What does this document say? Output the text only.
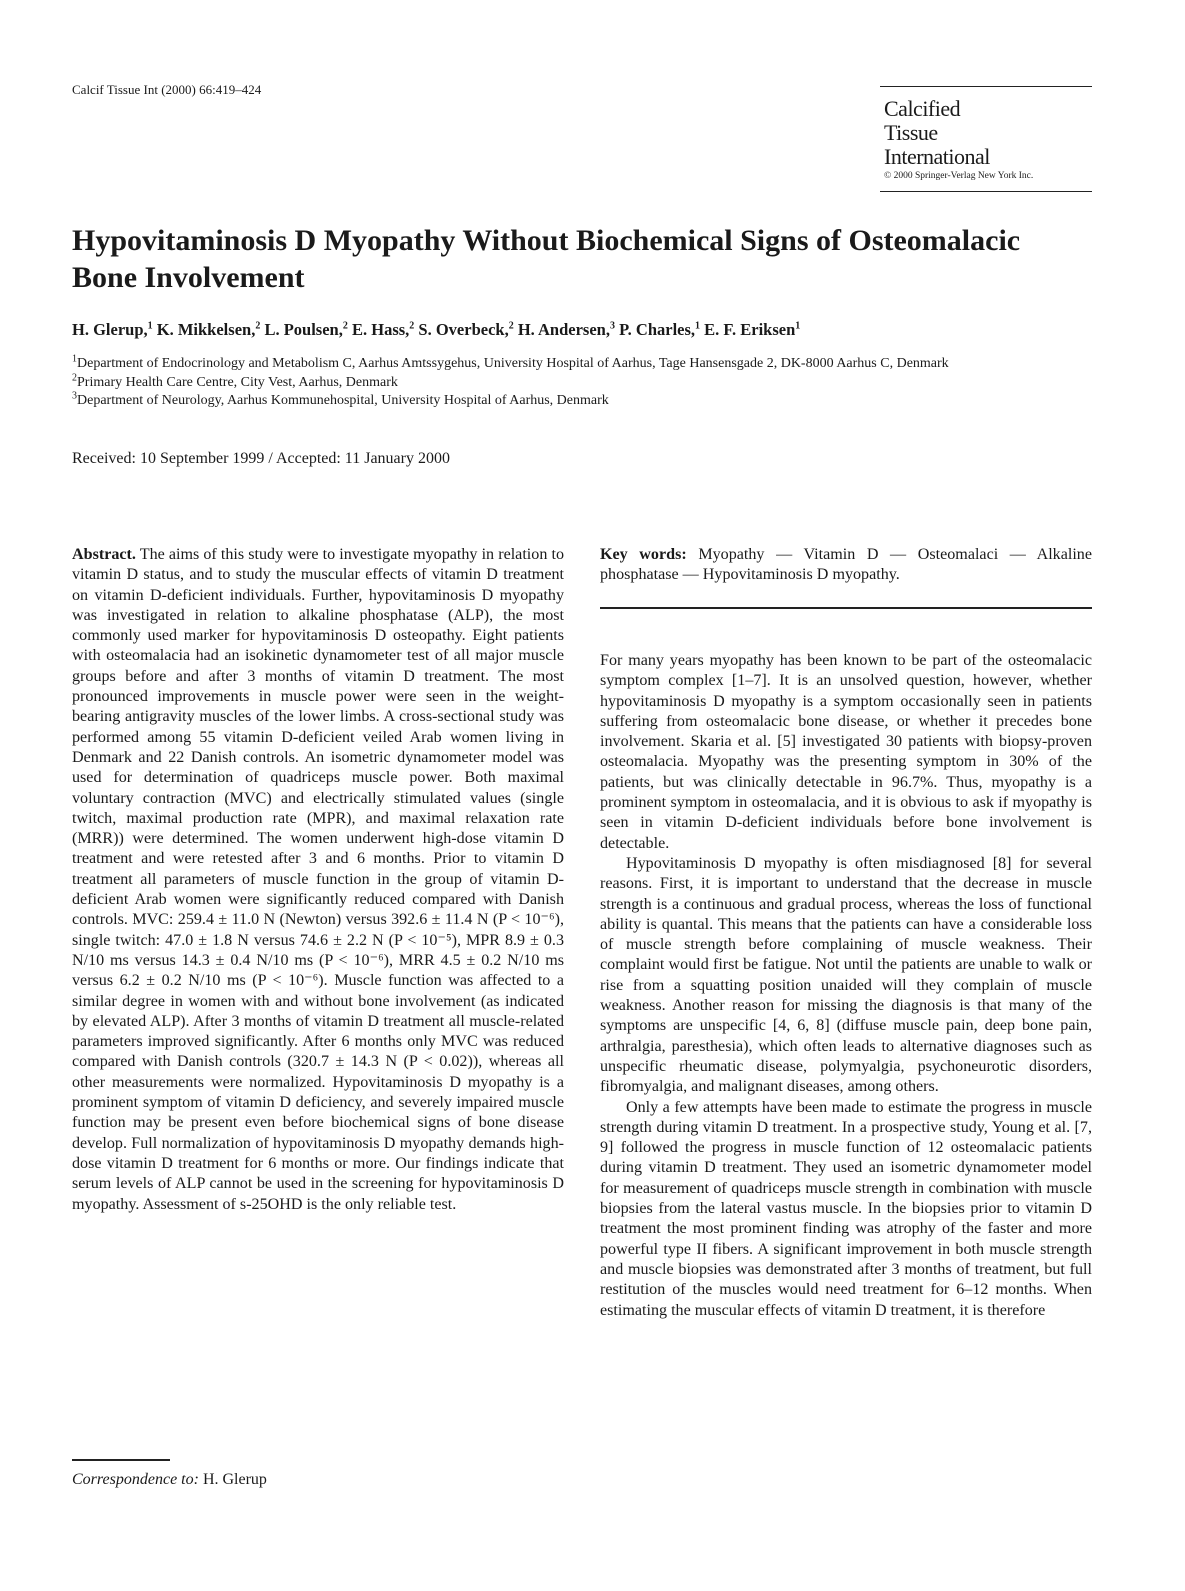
Calcif Tissue Int (2000) 66:419–424
Calcified
Tissue
International
© 2000 Springer-Verlag New York Inc.
Hypovitaminosis D Myopathy Without Biochemical Signs of Osteomalacic Bone Involvement
H. Glerup,$^1$ K. Mikkelsen,$^2$ L. Poulsen,$^2$ E. Hass,$^2$ S. Overbeck,$^2$ H. Andersen,$^3$ P. Charles,$^1$ E. F. Eriksen$^1$

$^1$Department of Endocrinology and Metabolism C, Aarhus Amtssygehus, University Hospital of Aarhus, Tage Hansensgade 2, DK-8000 Aarhus C, Denmark

$^2$Primary Health Care Centre, City Vest, Aarhus, Denmark

$^3$Department of Neurology, Aarhus Kommunehospital, University Hospital of Aarhus, Denmark

Received: 10 September 1999 / Accepted: 11 January 2000

Abstract. The aims of this study were to investigate myopathy in relation to vitamin D status, and to study the muscular effects of vitamin D treatment on vitamin D-deficient individuals. Further, hypovitaminosis D myopathy was investigated in relation to alkaline phosphatase (ALP), the most commonly used marker for hypovitaminosis D osteopathy. Eight patients with osteomalacia had an isokinetic dynamometer test of all major muscle groups before and after 3 months of vitamin D treatment. The most pronounced improvements in muscle power were seen in the weight-bearing antigravity muscles of the lower limbs. A cross-sectional study was performed among 55 vitamin D-deficient veiled Arab women living in Denmark and 22 Danish controls. An isometric dynamometer model was used for determination of quadriceps muscle power. Both maximal voluntary contraction (MVC) and electrically stimulated values (single twitch, maximal production rate (MPR), and maximal relaxation rate (MRR)) were determined. The women underwent high-dose vitamin D treatment and were retested after 3 and 6 months. Prior to vitamin D treatment all parameters of muscle function in the group of vitamin D-deficient Arab women were significantly reduced compared with Danish controls. MVC: 259.4 ± 11.0 N (Newton) versus 392.6 ± 11.4 N (P < 10⁻⁶), single twitch: 47.0 ± 1.8 N versus 74.6 ± 2.2 N (P < 10⁻⁵), MPR 8.9 ± 0.3 N/10 ms versus 14.3 ± 0.4 N/10 ms (P < 10⁻⁶), MRR 4.5 ± 0.2 N/10 ms versus 6.2 ± 0.2 N/10 ms (P < 10⁻⁶). Muscle function was affected to a similar degree in women with and without bone involvement (as indicated by elevated ALP). After 3 months of vitamin D treatment all muscle-related parameters improved significantly. After 6 months only MVC was reduced compared with Danish controls (320.7 ± 14.3 N (P < 0.02)), whereas all other measurements were normalized. Hypovitaminosis D myopathy is a prominent symptom of vitamin D deficiency, and severely impaired muscle function may be present even before biochemical signs of bone disease develop. Full normalization of hypovitaminosis D myopathy demands high-dose vitamin D treatment for 6 months or more. Our findings indicate that serum levels of ALP cannot be used in the screening for hypovitaminosis D myopathy. Assessment of s-25OHD is the only reliable test.

Key words: Myopathy — Vitamin D — Osteomalaci — Alkaline phosphatase — Hypovitaminosis D myopathy.

For many years myopathy has been known to be part of the osteomalacic symptom complex [1–7]. It is an unsolved question, however, whether hypovitaminosis D myopathy is a symptom occasionally seen in patients suffering from osteomalacic bone disease, or whether it precedes bone involvement. Skaria et al. [5] investigated 30 patients with biopsy-proven osteomalacia. Myopathy was the presenting symptom in 30% of the patients, but was clinically detectable in 96.7%. Thus, myopathy is a prominent symptom in osteomalacia, and it is obvious to ask if myopathy is seen in vitamin D-deficient individuals before bone involvement is detectable.

Hypovitaminosis D myopathy is often misdiagnosed [8] for several reasons. First, it is important to understand that the decrease in muscle strength is a continuous and gradual process, whereas the loss of functional ability is quantal. This means that the patients can have a considerable loss of muscle strength before complaining of muscle weakness. Their complaint would first be fatigue. Not until the patients are unable to walk or rise from a squatting position unaided will they complain of muscle weakness. Another reason for missing the diagnosis is that many of the symptoms are unspecific [4, 6, 8] (diffuse muscle pain, deep bone pain, arthralgia, paresthesia), which often leads to alternative diagnoses such as unspecific rheumatic disease, polymyalgia, psychoneurotic disorders, fibromyalgia, and malignant diseases, among others.

Only a few attempts have been made to estimate the progress in muscle strength during vitamin D treatment. In a prospective study, Young et al. [7, 9] followed the progress in muscle function of 12 osteomalacic patients during vitamin D treatment. They used an isometric dynamometer model for measurement of quadriceps muscle strength in combination with muscle biopsies from the lateral vastus muscle. In the biopsies prior to vitamin D treatment the most prominent finding was atrophy of the faster and more powerful type II fibers. A significant improvement in both muscle strength and muscle biopsies was demonstrated after 3 months of treatment, but full restitution of the muscles would need treatment for 6–12 months. When estimating the muscular effects of vitamin D treatment, it is therefore

Correspondence to: H. Glerup
